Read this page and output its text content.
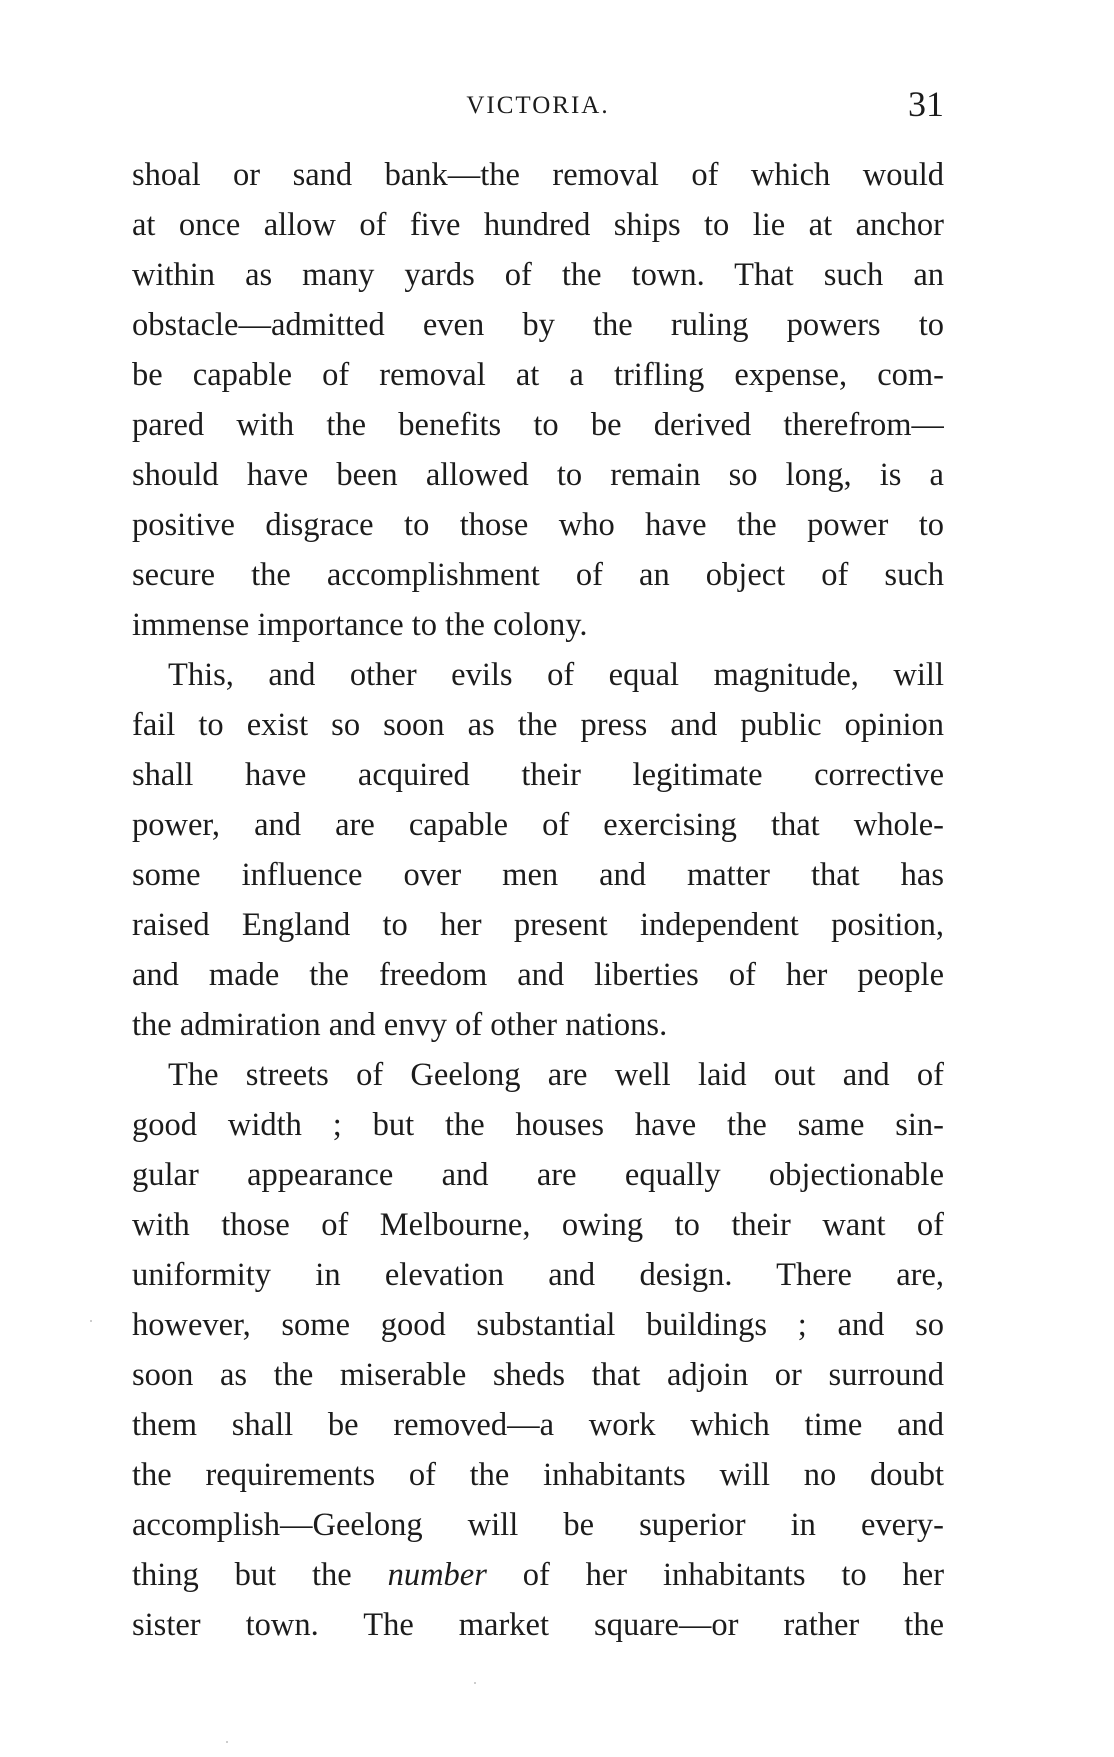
VICTORIA.	31
shoal or sand bank—the removal of which would
at once allow of five hundred ships to lie at anchor
within as many yards of the town. That such an
obstacle—admitted even by the ruling powers to
be capable of removal at a trifling expense, com-
pared with the benefits to be derived therefrom—
should have been allowed to remain so long, is a
positive disgrace to those who have the power to
secure the accomplishment of an object of such
immense importance to the colony.
This, and other evils of equal magnitude, will
fail to exist so soon as the press and public opinion
shall have acquired their legitimate corrective
power, and are capable of exercising that whole-
some influence over men and matter that has
raised England to her present independent position,
and made the freedom and liberties of her people
the admiration and envy of other nations.
The streets of Geelong are well laid out and of
good width ; but the houses have the same sin-
gular appearance and are equally objectionable
with those of Melbourne, owing to their want of
uniformity in elevation and design. There are,
however, some good substantial buildings ; and so
soon as the miserable sheds that adjoin or surround
them shall be removed—a work which time and
the requirements of the inhabitants will no doubt
accomplish—Geelong will be superior in every-
thing but the number of her inhabitants to her
sister town. The market square—or rather the
